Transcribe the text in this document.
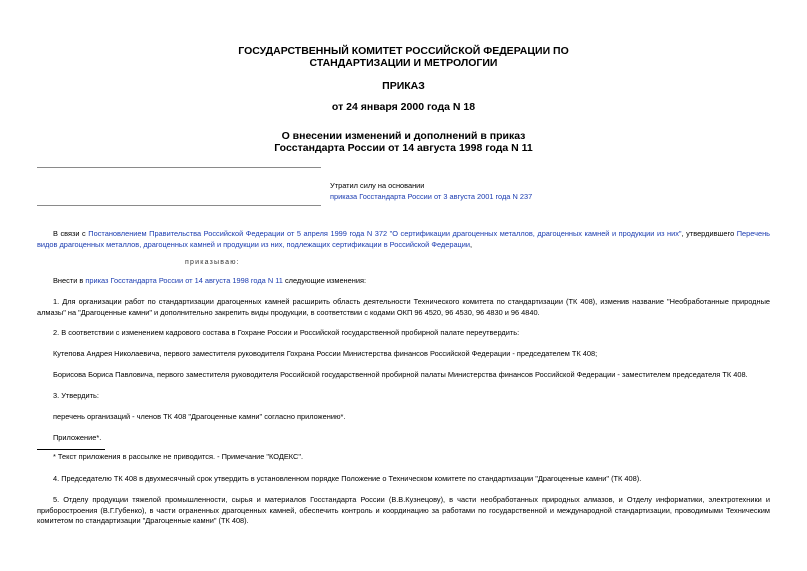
ГОСУДАРСТВЕННЫЙ КОМИТЕТ РОССИЙСКОЙ ФЕДЕРАЦИИ ПО
СТАНДАРТИЗАЦИИ И МЕТРОЛОГИИ
ПРИКАЗ
от 24 января 2000 года N 18
О внесении изменений и дополнений в приказ
Госстандарта России от 14 августа 1998 года N 11
Утратил силу на основании
приказа Госстандарта России от 3 августа 2001 года N 237
В связи с Постановлением Правительства Российской Федерации от 5 апреля 1999 года N 372 "О сертификации драгоценных металлов, драгоценных камней и продукции из них", утвердившего Перечень видов драгоценных металлов, драгоценных камней и продукции из них, подлежащих сертификации в Российской Федерации,
приказываю:
Внести в приказ Госстандарта России от 14 августа 1998 года N 11 следующие изменения:
1. Для организации работ по стандартизации драгоценных камней расширить область деятельности Технического комитета по стандартизации (ТК 408), изменив название "Необработанные природные алмазы" на "Драгоценные камни" и дополнительно закрепить виды продукции, в соответствии с кодами ОКП 96 4520, 96 4530, 96 4830 и 96 4840.
2. В соответствии с изменением кадрового состава в Гохране России и Российской государственной пробирной палате переутвердить:
Кутепова Андрея Николаевича, первого заместителя руководителя Гохрана России Министерства финансов Российской Федерации - председателем ТК 408;
Борисова Бориса Павловича, первого заместителя руководителя Российской государственной пробирной палаты Министерства финансов Российской Федерации - заместителем председателя ТК 408.
3. Утвердить:
перечень организаций - членов ТК 408 "Драгоценные камни" согласно приложению*.
Приложение*.
* Текст приложения в рассылке не приводится. - Примечание "КОДЕКС".
4. Председателю ТК 408 в двухмесячный срок утвердить в установленном порядке Положение о Техническом комитете по стандартизации "Драгоценные камни" (ТК 408).
5. Отделу продукции тяжелой промышленности, сырья и материалов Госстандарта России (В.В.Кузнецову), в части необработанных природных алмазов, и Отделу информатики, электротехники и приборостроения (В.Г.Губенко), в части ограненных драгоценных камней, обеспечить контроль и координацию за работами по государственной и международной стандартизации, проводимыми Техническим комитетом по стандартизации "Драгоценные камни" (ТК 408).
